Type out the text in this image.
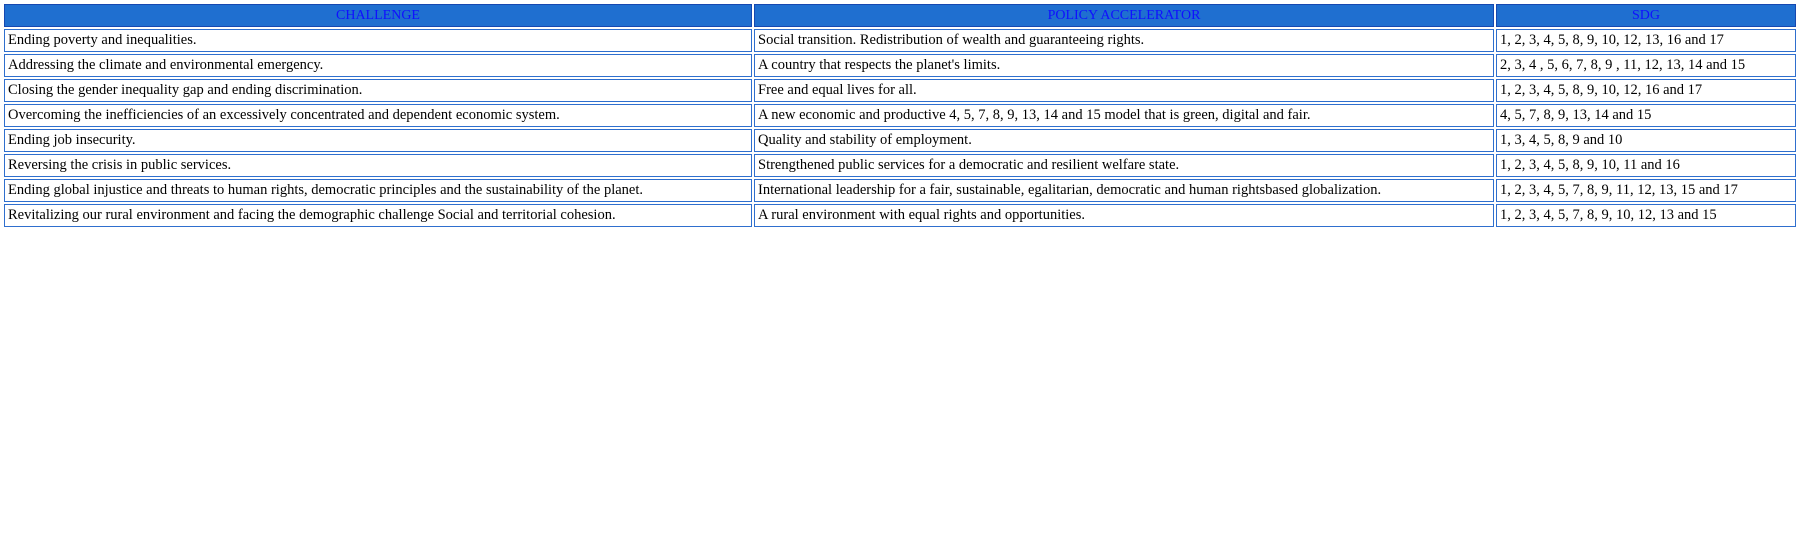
CHALLENGE	POLICY ACCELERATOR	SDG
Ending poverty and inequalities.	Social transition. Redistribution of wealth and guaranteeing rights.	1, 2, 3, 4, 5, 8, 9, 10, 12, 13, 16 and 17
Addressing the climate and environmental emergency.	A country that respects the planet's limits.	2, 3, 4 , 5, 6, 7, 8, 9 , 11, 12, 13, 14 and 15
Closing the gender inequality gap and ending discrimination.	Free and equal lives for all.	1, 2, 3, 4, 5, 8, 9, 10, 12, 16 and 17
Overcoming the inefficiencies of an excessively concentrated and dependent economic system.	A new economic and productive 4, 5, 7, 8, 9, 13, 14 and 15 model that is green, digital and fair.	4, 5, 7, 8, 9, 13, 14 and 15
Ending job insecurity.	Quality and stability of employment.	1, 3, 4, 5, 8, 9 and 10
Reversing the crisis in public services.	Strengthened public services for a democratic and resilient welfare state.	1, 2, 3, 4, 5, 8, 9, 10, 11 and 16
Ending global injustice and threats to human rights, democratic principles and the sustainability of the planet.	International leadership for a fair, sustainable, egalitarian, democratic and human rightsbased globalization.	1, 2, 3, 4, 5, 7, 8, 9, 11, 12, 13, 15 and 17
Revitalizing our rural environment and facing the demographic challenge Social and territorial cohesion.	A rural environment with equal rights and opportunities.	1, 2, 3, 4, 5, 7, 8, 9, 10, 12, 13 and 15
